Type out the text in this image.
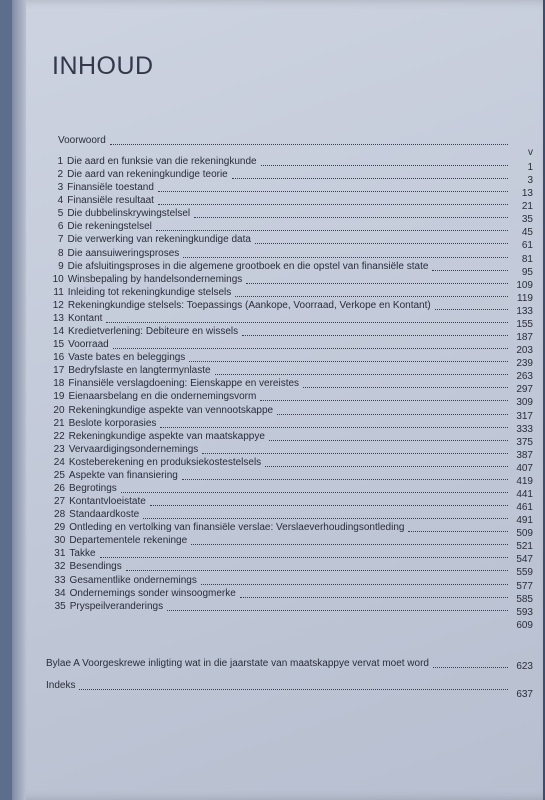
INHOUD
Voorwoord
v
1 Die aard en funksie van die rekeningkunde
1
2 Die aard van rekeningkundige teorie
3
3 Finansiële toestand
13
4 Finansiële resultaat
21
5 Die dubbelinskrywingstelsel
35
6 Die rekeningstelsel
45
7 Die verwerking van rekeningkundige data
61
8 Die aansuiweringsproses
81
9 Die afsluitingsproses in die algemene grootboek en die opstel van finansiële state
95
10 Winsbepaling by handelsondernemings
109
11 Inleiding tot rekeningkundige stelsels
119
12 Rekeningkundige stelsels: Toepassings (Aankope, Voorraad, Verkope en Kontant)
133
13 Kontant
155
14 Kredietverlening: Debiteure en wissels
187
15 Voorraad
203
16 Vaste bates en beleggings
239
17 Bedryfslaste en langtermynlaste
263
18 Finansiële verslagdoening: Eienskappe en vereistes
297
19 Eienaarsbelang en die ondernemingsvorm
309
20 Rekeningkundige aspekte van vennootskappe
317
21 Beslote korporasies
333
22 Rekeningkundige aspekte van maatskappye
375
23 Vervaardigingsondernemings
387
24 Kosteberekening en produksiekostestelsels
407
25 Aspekte van finansiering
419
26 Begrotings
441
27 Kontantvloeistate
461
28 Standaardkoste
491
29 Ontleding en vertolking van finansiële verslae: Verslaeverhoudingsontleding
509
30 Departementele rekeninge
521
31 Takke
547
32 Besendings
559
33 Gesamentlike ondernemings
577
34 Ondernemings sonder winsoogmerke
585
35 Pryspeilveranderings
593
609
Bylae A Voorgeskrewe inligting wat in die jaarstate van maatskappye vervat moet word	623
Indeks
637
